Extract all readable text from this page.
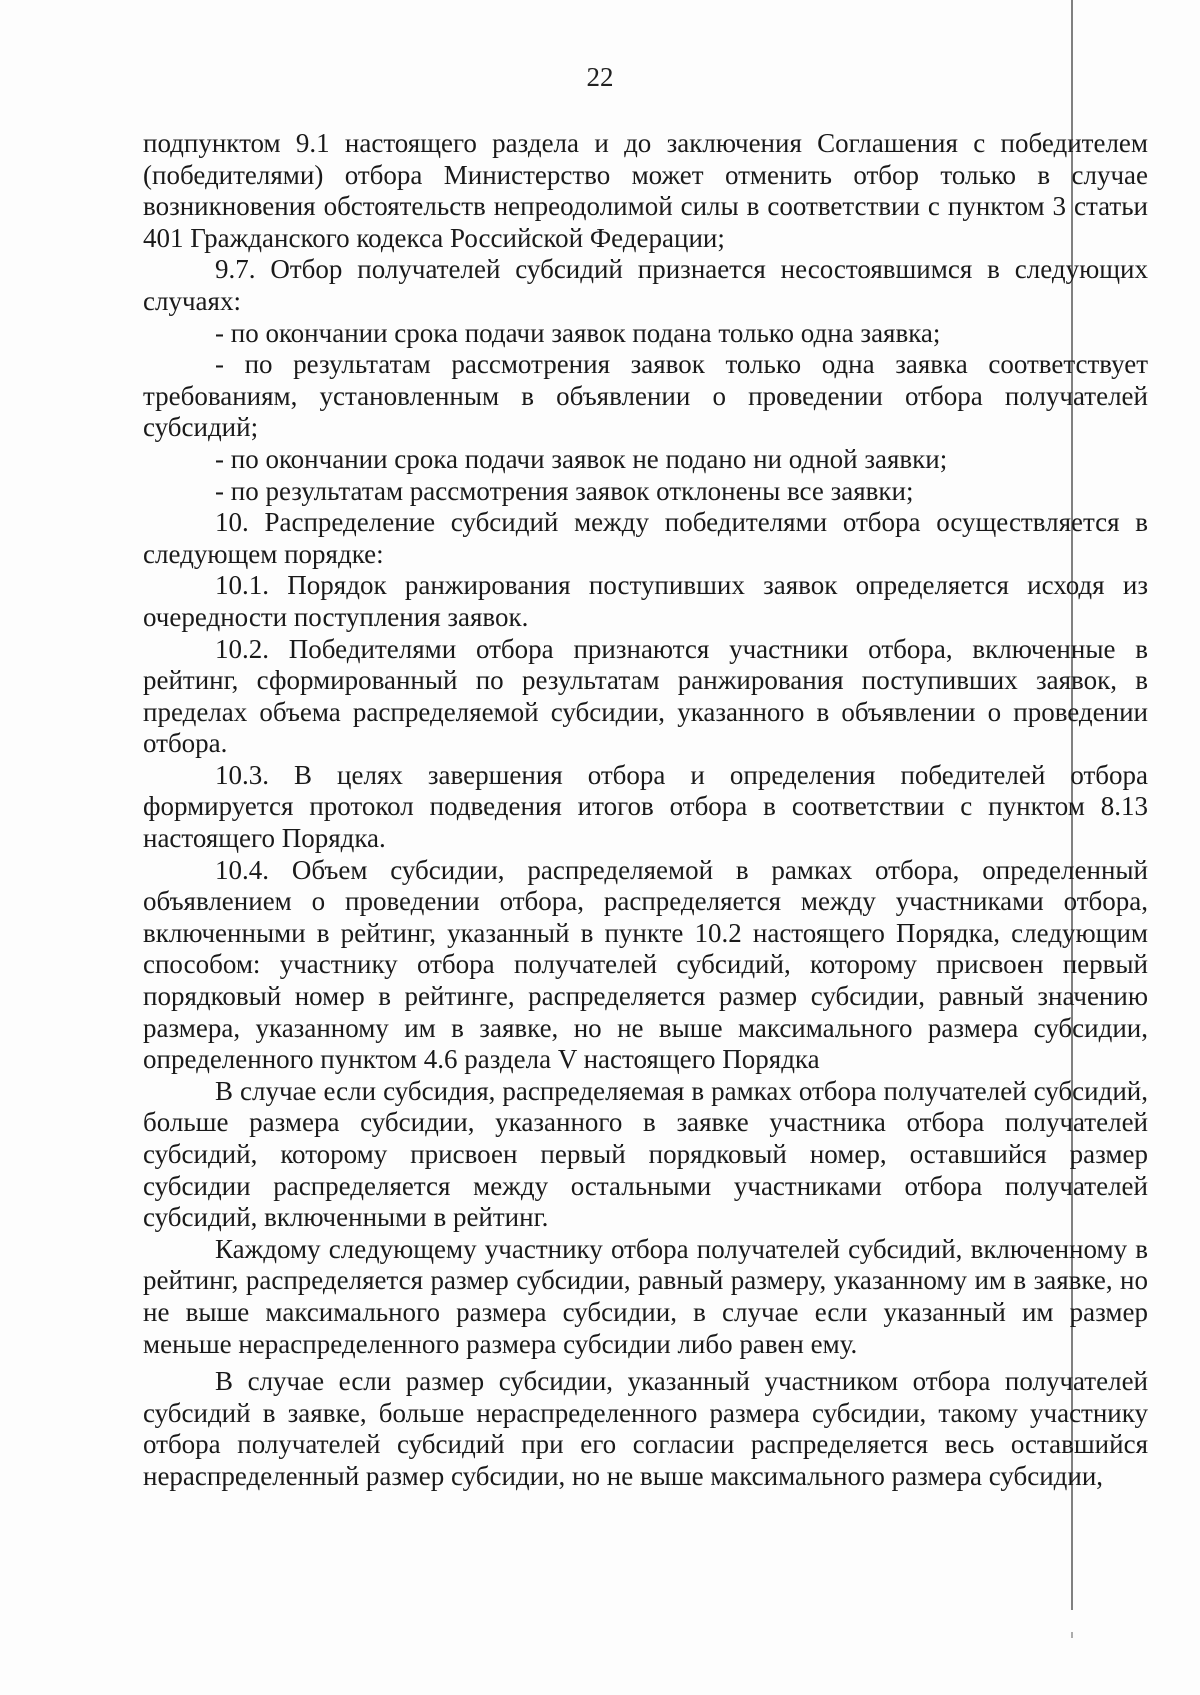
22

подпунктом 9.1 настоящего раздела и до заключения Соглашения с победителем (победителями) отбора Министерство может отменить отбор только в случае возникновения обстоятельств непреодолимой силы в соответствии с пунктом 3 статьи 401 Гражданского кодекса Российской Федерации;

9.7. Отбор получателей субсидий признается несостоявшимся в следующих случаях:

- по окончании срока подачи заявок подана только одна заявка;

- по результатам рассмотрения заявок только одна заявка соответствует требованиям, установленным в объявлении о проведении отбора получателей субсидий;

- по окончании срока подачи заявок не подано ни одной заявки;

- по результатам рассмотрения заявок отклонены все заявки;

10. Распределение субсидий между победителями отбора осуществляется в следующем порядке:

10.1. Порядок ранжирования поступивших заявок определяется исходя из очередности поступления заявок.

10.2. Победителями отбора признаются участники отбора, включенные в рейтинг, сформированный по результатам ранжирования поступивших заявок, в пределах объема распределяемой субсидии, указанного в объявлении о проведении отбора.

10.3. В целях завершения отбора и определения победителей отбора формируется протокол подведения итогов отбора в соответствии с пунктом 8.13 настоящего Порядка.

10.4. Объем субсидии, распределяемой в рамках отбора, определенный объявлением о проведении отбора, распределяется между участниками отбора, включенными в рейтинг, указанный в пункте 10.2 настоящего Порядка, следующим способом: участнику отбора получателей субсидий, которому присвоен первый порядковый номер в рейтинге, распределяется размер субсидии, равный значению размера, указанному им в заявке, но не выше максимального размера субсидии, определенного пунктом 4.6 раздела V настоящего Порядка

В случае если субсидия, распределяемая в рамках отбора получателей субсидий, больше размера субсидии, указанного в заявке участника отбора получателей субсидий, которому присвоен первый порядковый номер, оставшийся размер субсидии распределяется между остальными участниками отбора получателей субсидий, включенными в рейтинг.

Каждому следующему участнику отбора получателей субсидий, включенному в рейтинг, распределяется размер субсидии, равный размеру, указанному им в заявке, но не выше максимального размера субсидии, в случае если указанный им размер меньше нераспределенного размера субсидии либо равен ему.

В случае если размер субсидии, указанный участником отбора получателей субсидий в заявке, больше нераспределенного размера субсидии, такому участнику отбора получателей субсидий при его согласии распределяется весь оставшийся нераспределенный размер субсидии, но не выше максимального размера субсидии,
